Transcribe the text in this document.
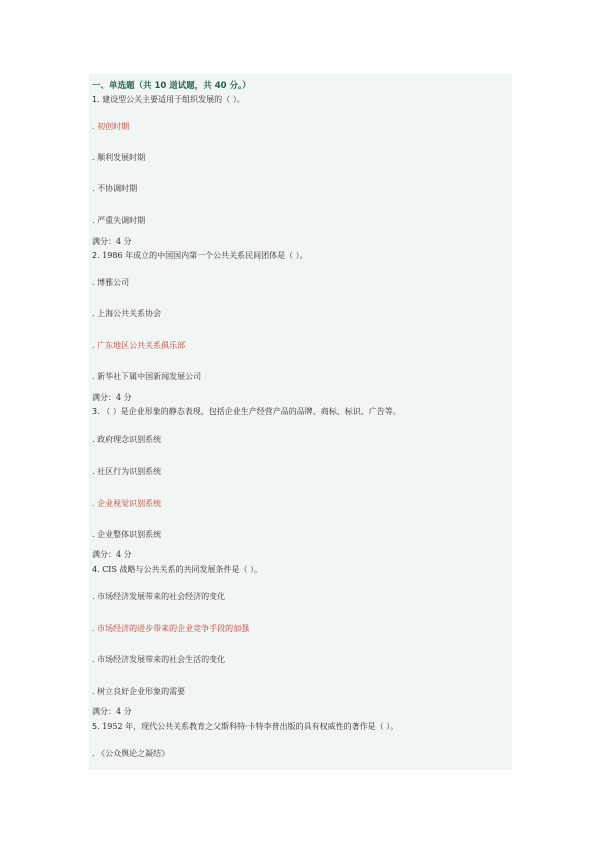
一、单选题（共 10 道试题，共 40 分。）
1. 建设型公关主要适用于组织发展的（ ）。
. 初创时期
. 顺利发展时期
. 不协调时期
. 严重失调时期
满分：4 分
2. 1986 年成立的中国国内第一个公共关系民间团体是（ ）。
. 博雅公司
. 上海公共关系协会
. 广东地区公共关系俱乐部
. 新华社下属中国新闻发展公司
满分：4 分
3. （ ）是企业形象的静态表现，包括企业生产经营产品的品牌、商标、标识、广告等。
. 政府理念识别系统
. 社区行为识别系统
. 企业视觉识别系统
. 企业整体识别系统
满分：4 分
4. CIS 战略与公共关系的共同发展条件是（ ）。
. 市场经济发展带来的社会经济的变化
. 市场经济的进步带来的企业竞争手段的加强
. 市场经济发展带来的社会生活的变化
. 树立良好企业形象的需要
满分：4 分
5. 1952 年，现代公共关系教育之父斯科特·卡特李普出版的具有权威性的著作是（ ）。
. 《公众舆论之凝结》
